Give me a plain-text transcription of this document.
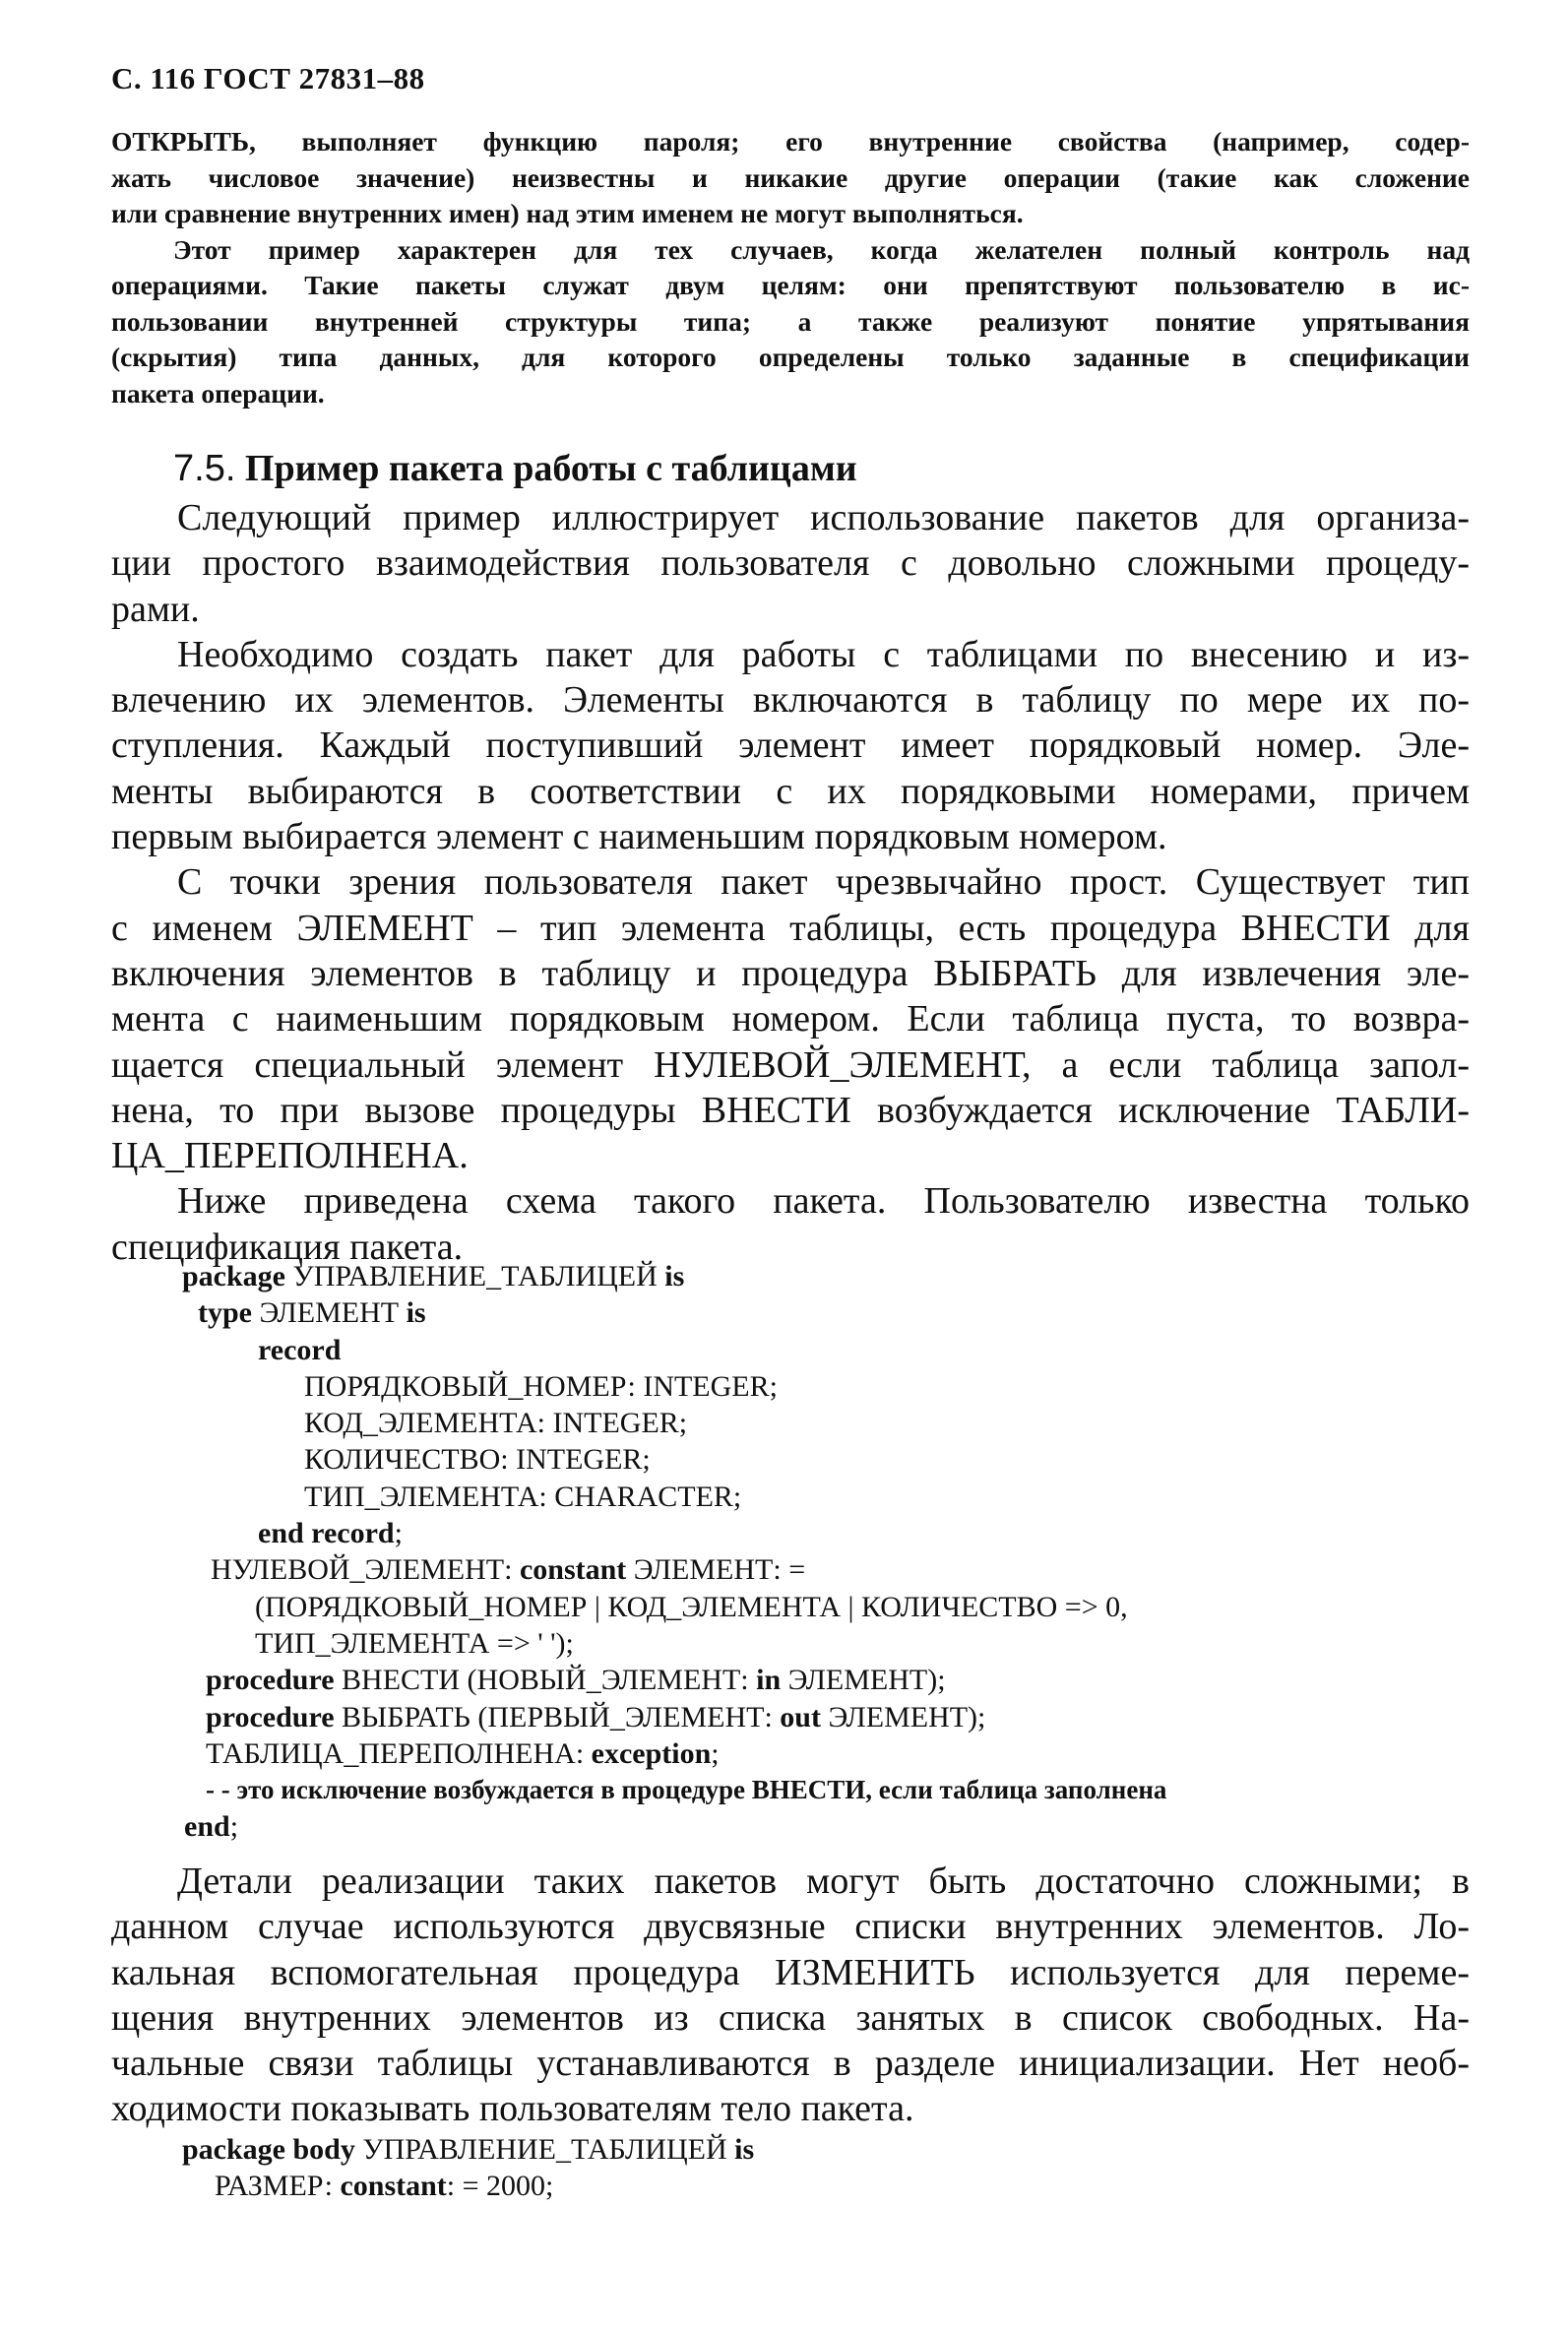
С. 116 ГОСТ 27831–88
ОТКРЫТЬ, выполняет функцию пароля; его внутренние свойства (например, содер-
жать числовое значение) неизвестны и никакие другие операции (такие как сложение
или сравнение внутренних имен) над этим именем не могут выполняться.
Этот пример характерен для тех случаев, когда желателен полный контроль над
операциями. Такие пакеты служат двум целям: они препятствуют пользователю в ис-
пользовании внутренней структуры типа; а также реализуют понятие упрятывания
(скрытия) типа данных, для которого определены только заданные в спецификации
пакета операции.
7.5. Пример пакета работы с таблицами
Следующий пример иллюстрирует использование пакетов для организа-
ции простого взаимодействия пользователя с довольно сложными процеду-
рами.
Необходимо создать пакет для работы с таблицами по внесению и из-
влечению их элементов. Элементы включаются в таблицу по мере их по-
ступления. Каждый поступивший элемент имеет порядковый номер. Эле-
менты выбираются в соответствии с их порядковыми номерами, причем
первым выбирается элемент с наименьшим порядковым номером.
С точки зрения пользователя пакет чрезвычайно прост. Существует тип
с именем ЭЛЕМЕНТ – тип элемента таблицы, есть процедура ВНЕСТИ для
включения элементов в таблицу и процедура ВЫБРАТЬ для извлечения эле-
мента с наименьшим порядковым номером. Если таблица пуста, то возвра-
щается специальный элемент НУЛЕВОЙ_ЭЛЕМЕНТ, а если таблица запол-
нена, то при вызове процедуры ВНЕСТИ возбуждается исключение ТАБЛИ-
ЦА_ПЕРЕПОЛНЕНА.
Ниже приведена схема такого пакета. Пользователю известна только
спецификация пакета.
package УПРАВЛЕНИЕ_ТАБЛИЦЕЙ is
type ЭЛЕМЕНТ is
record
ПОРЯДКОВЫЙ_НОМЕР: INTEGER;
КОД_ЭЛЕМЕНТА: INTEGER;
КОЛИЧЕСТВО: INTEGER;
ТИП_ЭЛЕМЕНТА: CHARACTER;
end record;
НУЛЕВОЙ_ЭЛЕМЕНТ: constant ЭЛЕМЕНТ: =
(ПОРЯДКОВЫЙ_НОМЕР | КОД_ЭЛЕМЕНТА | КОЛИЧЕСТВО => 0,
ТИП_ЭЛЕМЕНТА => ' ');
procedure ВНЕСТИ (НОВЫЙ_ЭЛЕМЕНТ: in ЭЛЕМЕНТ);
procedure ВЫБРАТЬ (ПЕРВЫЙ_ЭЛЕМЕНТ: out ЭЛЕМЕНТ);
ТАБЛИЦА_ПЕРЕПОЛНЕНА: exception;
- - это исключение возбуждается в процедуре ВНЕСТИ, если таблица заполнена
end;
Детали реализации таких пакетов могут быть достаточно сложными; в
данном случае используются двусвязные списки внутренних элементов. Ло-
кальная вспомогательная процедура ИЗМЕНИТЬ используется для переме-
щения внутренних элементов из списка занятых в список свободных. На-
чальные связи таблицы устанавливаются в разделе инициализации. Нет необ-
ходимости показывать пользователям тело пакета.
package body УПРАВЛЕНИЕ_ТАБЛИЦЕЙ is
РАЗМЕР: constant: = 2000;
